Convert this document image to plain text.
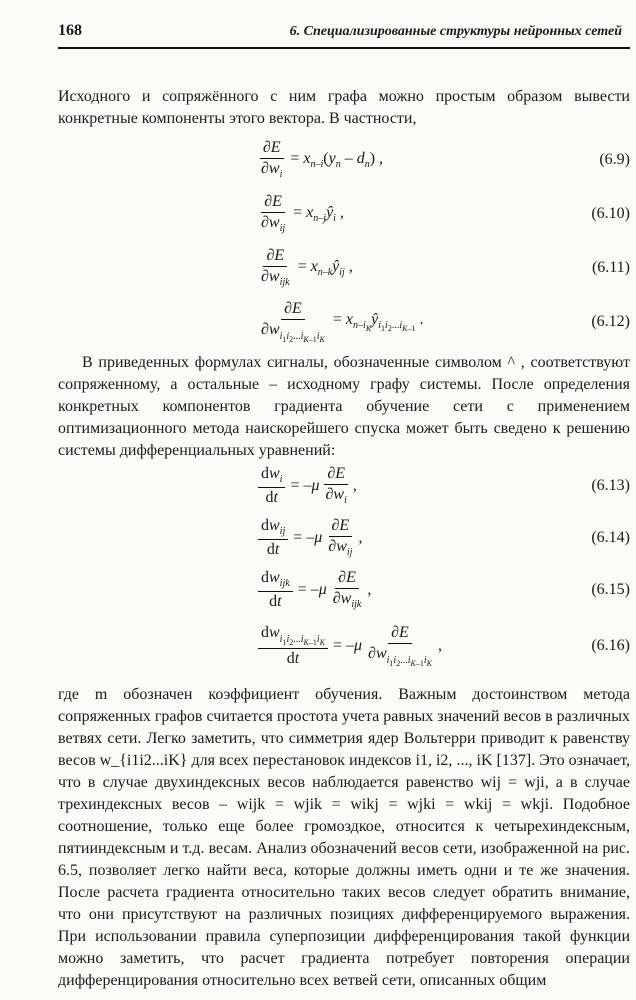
168	6. Специализированные структуры нейронных сетей

Исходного и сопряжённого с ним графа можно простым образом вывести конкретные компоненты этого вектора. В частности,

$\frac{\partial E}{\partial w_i} = x_{n-i}(y_n - d_n)$ ,	(6.9)
$\frac{\partial E}{\partial w_{ij}}$ = $x_{n-j}ŷ_i$ ,	(6.10)
$\frac{\partial E}{\partial w_{ijk}}$ = $x_{n-k}ŷ_{ij}$ ,	(6.11)
$\frac{\partial E}{\partial w_{i_1i_2...i_{K-1}i_K}}$ = $x_{n-i_K}ŷ_{i_1i_2...i_{K-1}}$ .	(6.12)

В приведенных формулах сигналы, обозначенные символом ^ , соответствуют сопряженному, а остальные – исходному графу системы. После определения конкретных компонентов градиента обучение сети с применением оптимизационного метода наискорейшего спуска может быть сведено к решению системы дифференциальных уравнений:

$\frac{dw_i}{dt} = -\mu \frac{\partial E}{\partial w_i}$ ,	(6.13)
$\frac{dw_{ij}}{dt} = -\mu \frac{\partial E}{\partial w_{ij}}$ ,	(6.14)
$\frac{dw_{ijk}}{dt} = -\mu \frac{\partial E}{\partial w_{ijk}}$ ,	(6.15)
$\frac{dw_{i_1i_2...i_{K-1}i_K}}{dt} = -\mu \frac{\partial E}{\partial w_{i_1i_2...i_{K-1}i_K}}$ ,	(6.16)

где m обозначен коэффициент обучения. Важным достоинством метода сопряженных графов считается простота учета равных значений весов в различных ветвях сети. Легко заметить, что симметрия ядер Вольтерри приводит к равенству весов w_{i1i2...iK} для всех перестановок индексов i1, i2, ..., iK [137]. Это означает, что в случае двухиндексных весов наблюдается равенство wij = wji, а в случае трехиндексных весов – wijk = wjik = wikj = wjki = wkij = wkji. Подобное соотношение, только еще более громоздкое, относится к четырехиндексным, пятииндексным и т.д. весам. Анализ обозначений весов сети, изображенной на рис. 6.5, позволяет легко найти веса, которые должны иметь одни и те же значения. После расчета градиента относительно таких весов следует обратить внимание, что они присутствуют на различных позициях дифференцируемого выражения. При использовании правила суперпозиции дифференцирования такой функции можно заметить, что расчет градиента потребует повторения операции дифференцирования относительно всех ветвей сети, описанных общим
